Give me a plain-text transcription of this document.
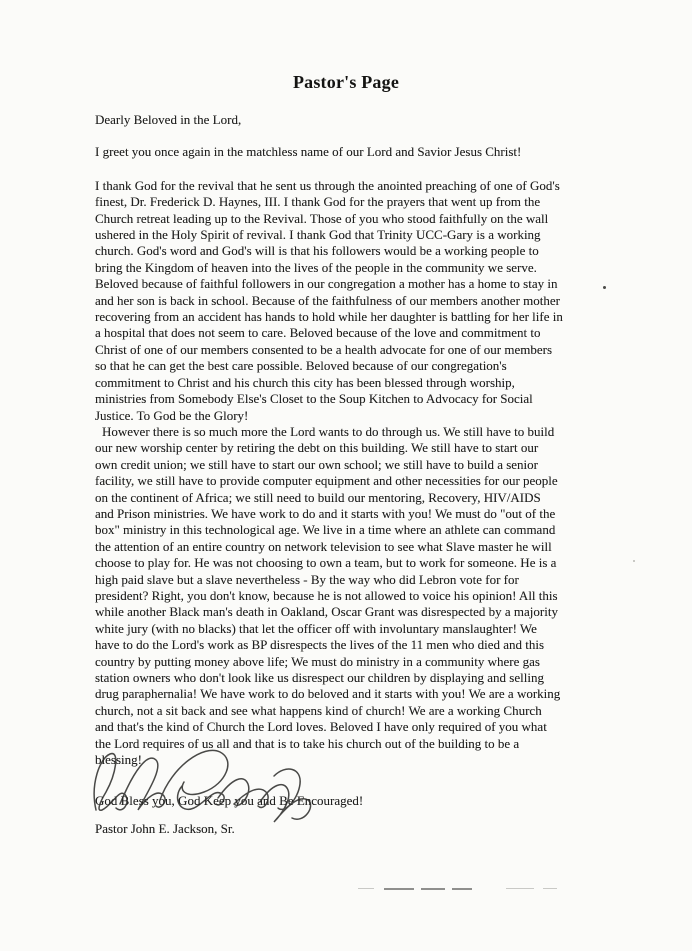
Pastor's Page
Dearly Beloved in the Lord,
I greet you once again in the matchless name of our Lord and Savior Jesus Christ!
I thank God for the revival that he sent us through the anointed preaching of one of God's
finest, Dr. Frederick D. Haynes, III. I thank God for the prayers that went up from the
Church retreat leading up to the Revival. Those of you who stood faithfully on the wall
ushered in the Holy Spirit of revival. I thank God that Trinity UCC-Gary is a working
church. God's word and God's will is that his followers would be a working people to
bring the Kingdom of heaven into the lives of the people in the community we serve.
Beloved because of faithful followers in our congregation a mother has a home to stay in
and her son is back in school. Because of the faithfulness of our members another mother
recovering from an accident has hands to hold while her daughter is battling for her life in
a hospital that does not seem to care. Beloved because of the love and commitment to
Christ of one of our members consented to be a health advocate for one of our members
so that he can get the best care possible. Beloved because of our congregation's
commitment to Christ and his church this city has been blessed through worship,
ministries from Somebody Else's Closet to the Soup Kitchen to Advocacy for Social
Justice. To God be the Glory!
However there is so much more the Lord wants to do through us. We still have to build
our new worship center by retiring the debt on this building. We still have to start our
own credit union; we still have to start our own school; we still have to build a senior
facility, we still have to provide computer equipment and other necessities for our people
on the continent of Africa; we still need to build our mentoring, Recovery, HIV/AIDS
and Prison ministries. We have work to do and it starts with you! We must do "out of the
box" ministry in this technological age. We live in a time where an athlete can command
the attention of an entire country on network television to see what Slave master he will
choose to play for. He was not choosing to own a team, but to work for someone. He is a
high paid slave but a slave nevertheless - By the way who did Lebron vote for for
president? Right, you don't know, because he is not allowed to voice his opinion! All this
while another Black man's death in Oakland, Oscar Grant was disrespected by a majority
white jury (with no blacks) that let the officer off with involuntary manslaughter! We
have to do the Lord's work as BP disrespects the lives of the 11 men who died and this
country by putting money above life; We must do ministry in a community where gas
station owners who don't look like us disrespect our children by displaying and selling
drug paraphernalia! We have work to do beloved and it starts with you! We are a working
church, not a sit back and see what happens kind of church! We are a working Church
and that's the kind of Church the Lord loves. Beloved I have only required of you what
the Lord requires of us all and that is to take his church out of the building to be a
blessing!
God Bless you, God Keep you and Be Encouraged!
Pastor John E. Jackson, Sr.
